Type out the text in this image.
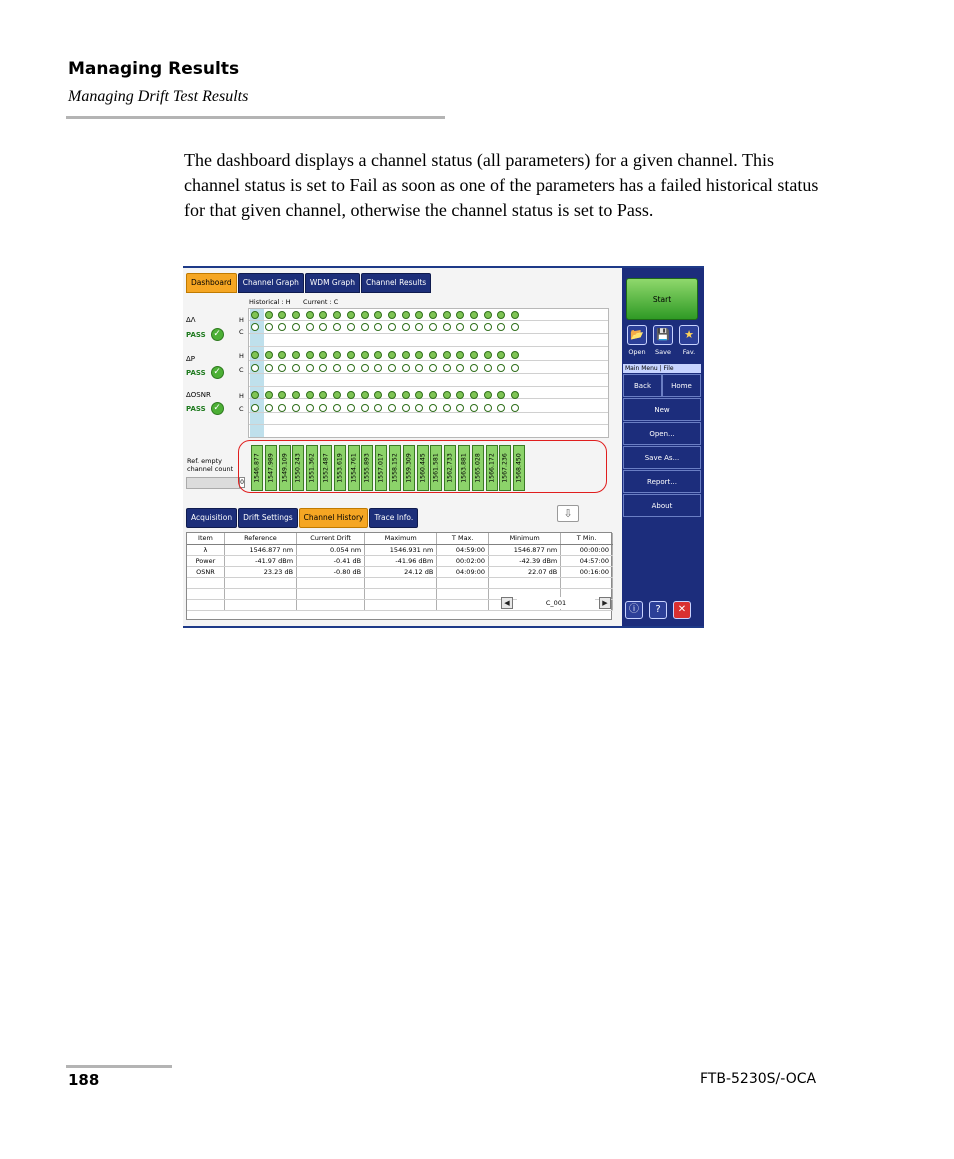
Managing Results
Managing Drift Test Results

The dashboard displays a channel status (all parameters) for a given channel. This channel status is set to Fail as soon as one of the parameters has a failed historical status for that given channel, otherwise the channel status is set to Pass.

Dashboard	Channel Graph	WDM Graph	Channel Results
Historical : H      Current : C
ΔΛ
PASS ✓
ΔP
PASS ✓
ΔOSNR
PASS ✓
H
C
H
C
H
C
Ref. empty channel count
0 1546.877 1547.989 1549.109 1550.243 1551.362 1552.487 1553.619 1554.761 1555.893 1557.017 1558.152 1559.309 1560.445 1561.581 1562.733 1563.881 1565.028 1566.172 1567.236 1568.450
Acquisition	Drift Settings	Channel History	Trace Info.	⇩
Item	Reference	Current Drift	Maximum	T Max.	Minimum	T Min.
λ	1546.877 nm	0.054 nm	1546.931 nm	04:59:00	1546.877 nm	00:00:00
Power	-41.97 dBm	-0.41 dB	-41.96 dBm	00:02:00	-42.39 dBm	04:57:00
OSNR	23.23 dB	-0.80 dB	24.12 dB	04:09:00	22.07 dB	00:16:00

◀	C_001	▶
Start
📂 💾	★
Open	Save	Fav.
Main Menu | File
Back	Home
New
Open...
Save As...
Report...
About
ⓘ	?	✕
188	FTB-5230S/-OCA
